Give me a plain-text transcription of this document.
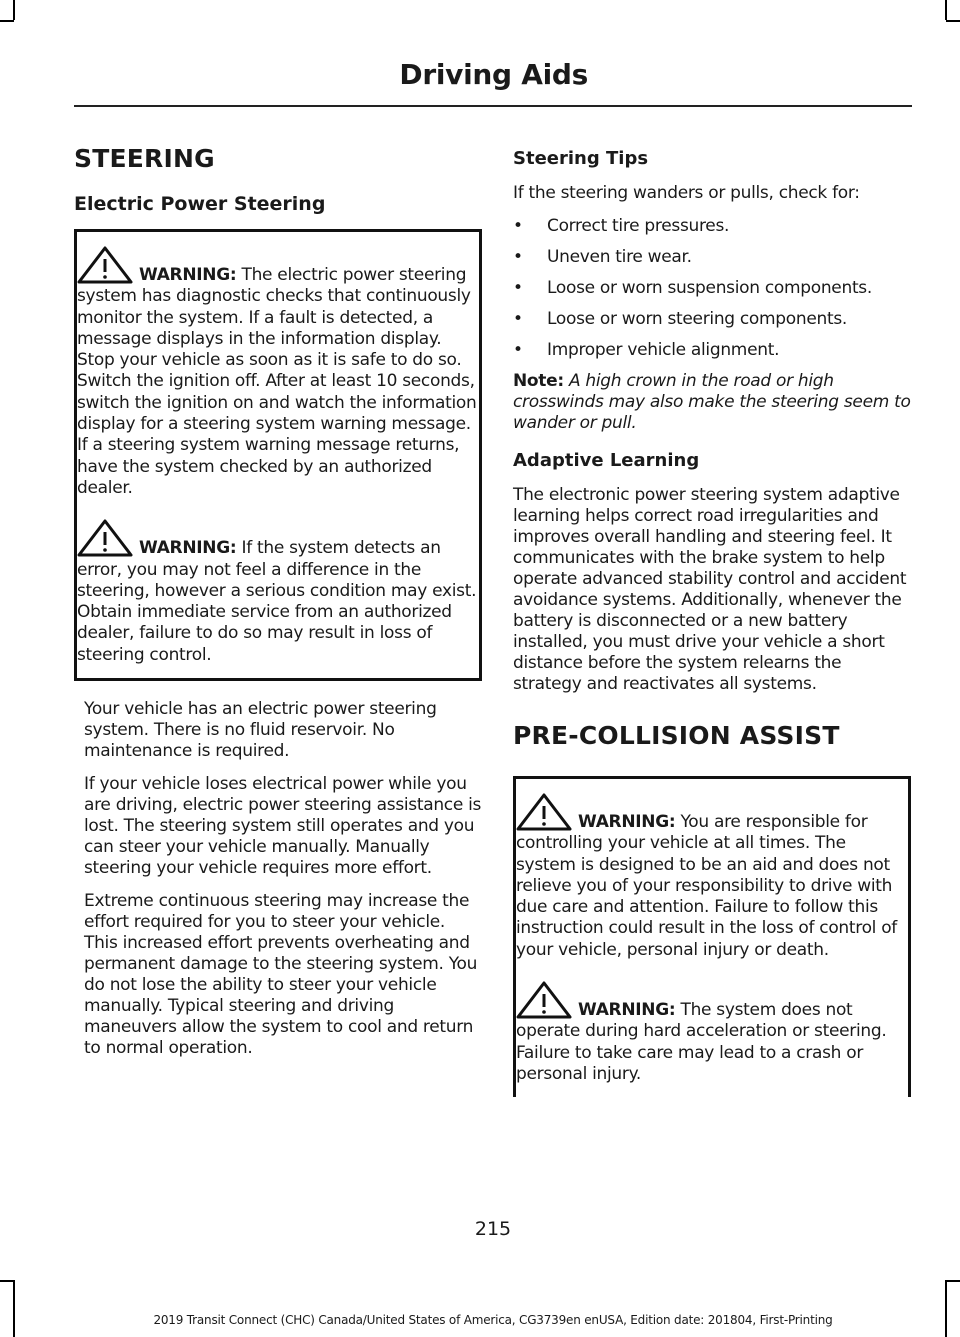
Driving Aids
STEERING
Electric Power Steering

WARNING: The electric power steering system has diagnostic checks that continuously monitor the system. If a fault is detected, a message displays in the information display. Stop your vehicle as soon as it is safe to do so. Switch the ignition off. After at least 10 seconds, switch the ignition on and watch the information display for a steering system warning message. If a steering system warning message returns, have the system checked by an authorized dealer.

WARNING: If the system detects an error, you may not feel a difference in the steering, however a serious condition may exist. Obtain immediate service from an authorized dealer, failure to do so may result in loss of steering control.

Your vehicle has an electric power steering system. There is no fluid reservoir. No maintenance is required.

If your vehicle loses electrical power while you are driving, electric power steering assistance is lost. The steering system still operates and you can steer your vehicle manually. Manually steering your vehicle requires more effort.

Extreme continuous steering may increase the effort required for you to steer your vehicle. This increased effort prevents overheating and permanent damage to the steering system. You do not lose the ability to steer your vehicle manually. Typical steering and driving maneuvers allow the system to cool and return to normal operation.

Steering Tips

If the steering wanders or pulls, check for:

• Correct tire pressures.
• Uneven tire wear.
• Loose or worn suspension components.
• Loose or worn steering components.
• Improper vehicle alignment.

Note: A high crown in the road or high crosswinds may also make the steering seem to wander or pull.

Adaptive Learning

The electronic power steering system adaptive learning helps correct road irregularities and improves overall handling and steering feel. It communicates with the brake system to help operate advanced stability control and accident avoidance systems. Additionally, whenever the battery is disconnected or a new battery installed, you must drive your vehicle a short distance before the system relearns the strategy and reactivates all systems.

PRE-COLLISION ASSIST

WARNING: You are responsible for controlling your vehicle at all times. The system is designed to be an aid and does not relieve you of your responsibility to drive with due care and attention. Failure to follow this instruction could result in the loss of control of your vehicle, personal injury or death.

WARNING: The system does not operate during hard acceleration or steering. Failure to take care may lead to a crash or personal injury.

215
2019 Transit Connect (CHC) Canada/United States of America, CG3739en enUSA, Edition date: 201804, First-Printing
